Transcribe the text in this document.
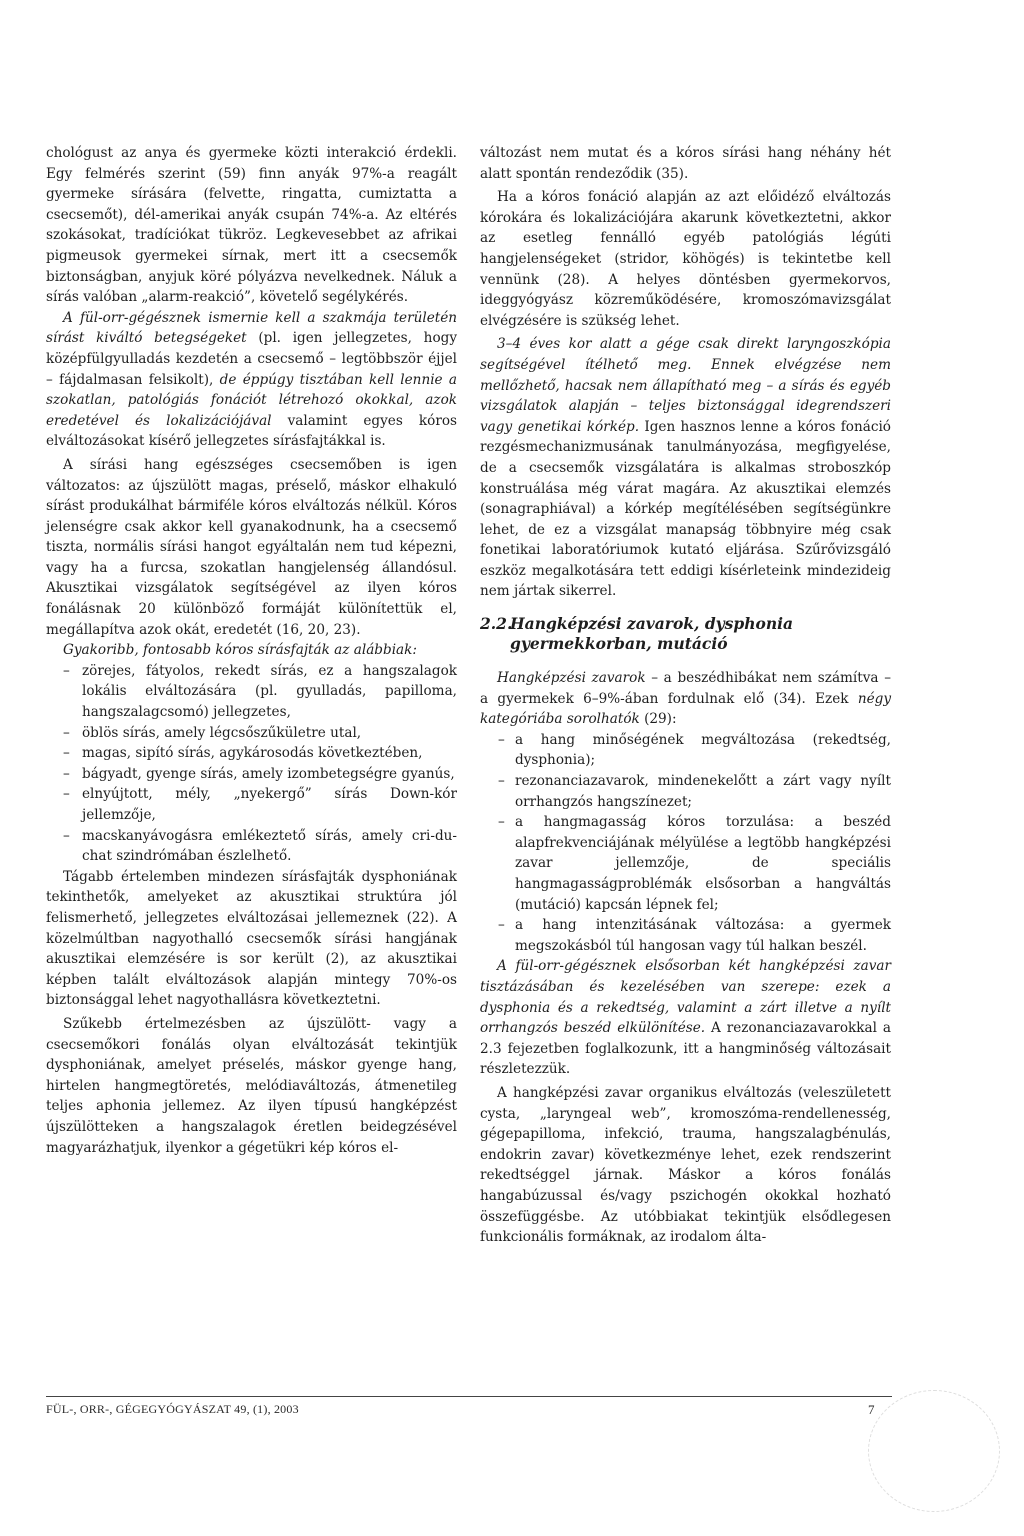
chológust az anya és gyermeke közti interakció érdekli. Egy felmérés szerint (59) finn anyák 97%-a reagált gyermeke sírására (felvette, ringatta, cumiztatta a csecsemőt), dél-amerikai anyák csupán 74%-a. Az eltérés szokásokat, tradíciókat tükröz. Legkevesebbet az afrikai pigmeusok gyermekei sírnak, mert itt a csecsemők biztonságban, anyjuk köré pólyázva nevelkednek. Náluk a sírás valóban „alarm-reakció”, követelő segélykérés.

A fül-orr-gégésznek ismernie kell a szakmája területén sírást kiváltó betegségeket (pl. igen jellegzetes, hogy középfülgyulladás kezdetén a csecsemő – legtöbbször éjjel – fájdalmasan felsikolt), de éppúgy tisztában kell lennie a szokatlan, patológiás fonációt létrehozó okokkal, azok eredetével és lokalizációjával valamint egyes kóros elváltozásokat kísérő jellegzetes sírásfajtákkal is.

A sírási hang egészséges csecsemőben is igen változatos: az újszülött magas, préselő, máskor elhakuló sírást produkálhat bármiféle kóros elváltozás nélkül. Kóros jelenségre csak akkor kell gyanakodnunk, ha a csecsemő tiszta, normális sírási hangot egyáltalán nem tud képezni, vagy ha a furcsa, szokatlan hangjelenség állandósul. Akusztikai vizsgálatok segítségével az ilyen kóros fonálásnak 20 különböző formáját különítettük el, megállapítva azok okát, eredetét (16, 20, 23).

Gyakoribb, fontosabb kóros sírásfajták az alábbiak:

– zörejes, fátyolos, rekedt sírás, ez a hangszalagok lokális elváltozására (pl. gyulladás, papilloma, hangszalagcsomó) jellegzetes,
– öblös sírás, amely légcsőszűkületre utal,
– magas, sipító sírás, agykárosodás következtében,
– bágyadt, gyenge sírás, amely izombetegségre gyanús,
– elnyújtott, mély, „nyekergő” sírás Down-kór jellemzője,
– macskanyávogásra emlékeztető sírás, amely cri-du-chat szindrómában észlelhető.

Tágabb értelemben mindezen sírásfajták dysphoniának tekinthetők, amelyeket az akusztikai struktúra jól felismerhető, jellegzetes elváltozásai jellemeznek (22). A közelmúltban nagyothalló csecsemők sírási hangjának akusztikai elemzésére is sor került (2), az akusztikai képben talált elváltozások alapján mintegy 70%-os biztonsággal lehet nagyothallásra következtetni.

Szűkebb értelmezésben az újszülött- vagy a csecsemőkori fonálás olyan elváltozását tekintjük dysphoniának, amelyet préselés, máskor gyenge hang, hirtelen hangmegtöretés, melódiaváltozás, átmenetileg teljes aphonia jellemez. Az ilyen típusú hangképzést újszülötteken a hangszalagok éretlen beidegzésével magyarázhatjuk, ilyenkor a gégetükri kép kóros el-

változást nem mutat és a kóros sírási hang néhány hét alatt spontán rendeződik (35).

Ha a kóros fonáció alapján az azt előidéző elváltozás kórokára és lokalizációjára akarunk következtetni, akkor az esetleg fennálló egyéb patológiás légúti hangjelenségeket (stridor, köhögés) is tekintetbe kell vennünk (28). A helyes döntésben gyermekorvos, ideggyógyász közreműködésére, kromoszómavizsgálat elvégzésére is szükség lehet.

3–4 éves kor alatt a gége csak direkt laryngoszkópia segítségével ítélhető meg. Ennek elvégzése nem mellőzhető, hacsak nem állapítható meg – a sírás és egyéb vizsgálatok alapján – teljes biztonsággal idegrendszeri vagy genetikai kórkép. Igen hasznos lenne a kóros fonáció rezgésmechanizmusának tanulmányozása, megfigyelése, de a csecsemők vizsgálatára is alkalmas stroboszkóp konstruálása még várat magára. Az akusztikai elemzés (sonagraphiával) a kórkép megítélésében segítségünkre lehet, de ez a vizsgálat manapság többnyire még csak fonetikai laboratóriumok kutató eljárása. Szűrővizsgáló eszköz megalkotására tett eddigi kísérleteink mindezideig nem jártak sikerrel.

2.2.Hangképzési zavarok, dysphonia
gyermekkorban, mutáció

Hangképzési zavarok – a beszédhibákat nem számítva – a gyermekek 6–9%-ában fordulnak elő (34). Ezek négy kategóriába sorolhatók (29):

– a hang minőségének megváltozása (rekedtség, dysphonia);
– rezonanciazavarok, mindenekelőtt a zárt vagy nyílt orrhangzós hangszínezet;
– a hangmagasság kóros torzulása: a beszéd alapfrekvenciájának mélyülése a legtöbb hangképzési zavar jellemzője, de speciális hangmagasságproblémák elsősorban a hangváltás (mutáció) kapcsán lépnek fel;
– a hang intenzitásának változása: a gyermek megszokásból túl hangosan vagy túl halkan beszél.

A fül-orr-gégésznek elsősorban két hangképzési zavar tisztázásában és kezelésében van szerepe: ezek a dysphonia és a rekedtség, valamint a zárt illetve a nyílt orrhangzós beszéd elkülönítése. A rezonanciazavarokkal a 2.3 fejezetben foglalkozunk, itt a hangminőség változásait részletezzük.

A hangképzési zavar organikus elváltozás (veleszületett cysta, „laryngeal web”, kromoszóma-rendellenesség, gégepapilloma, infekció, trauma, hangszalagbénulás, endokrin zavar) következménye lehet, ezek rendszerint rekedtséggel járnak. Máskor a kóros fonálás hangabúzussal és/vagy pszichogén okokkal hozható összefüggésbe. Az utóbbiakat tekintjük elsődlegesen funkcionális formáknak, az irodalom álta-

FÜL-, ORR-, GÉGEGYÓGYÁSZAT 49, (1), 2003	7
